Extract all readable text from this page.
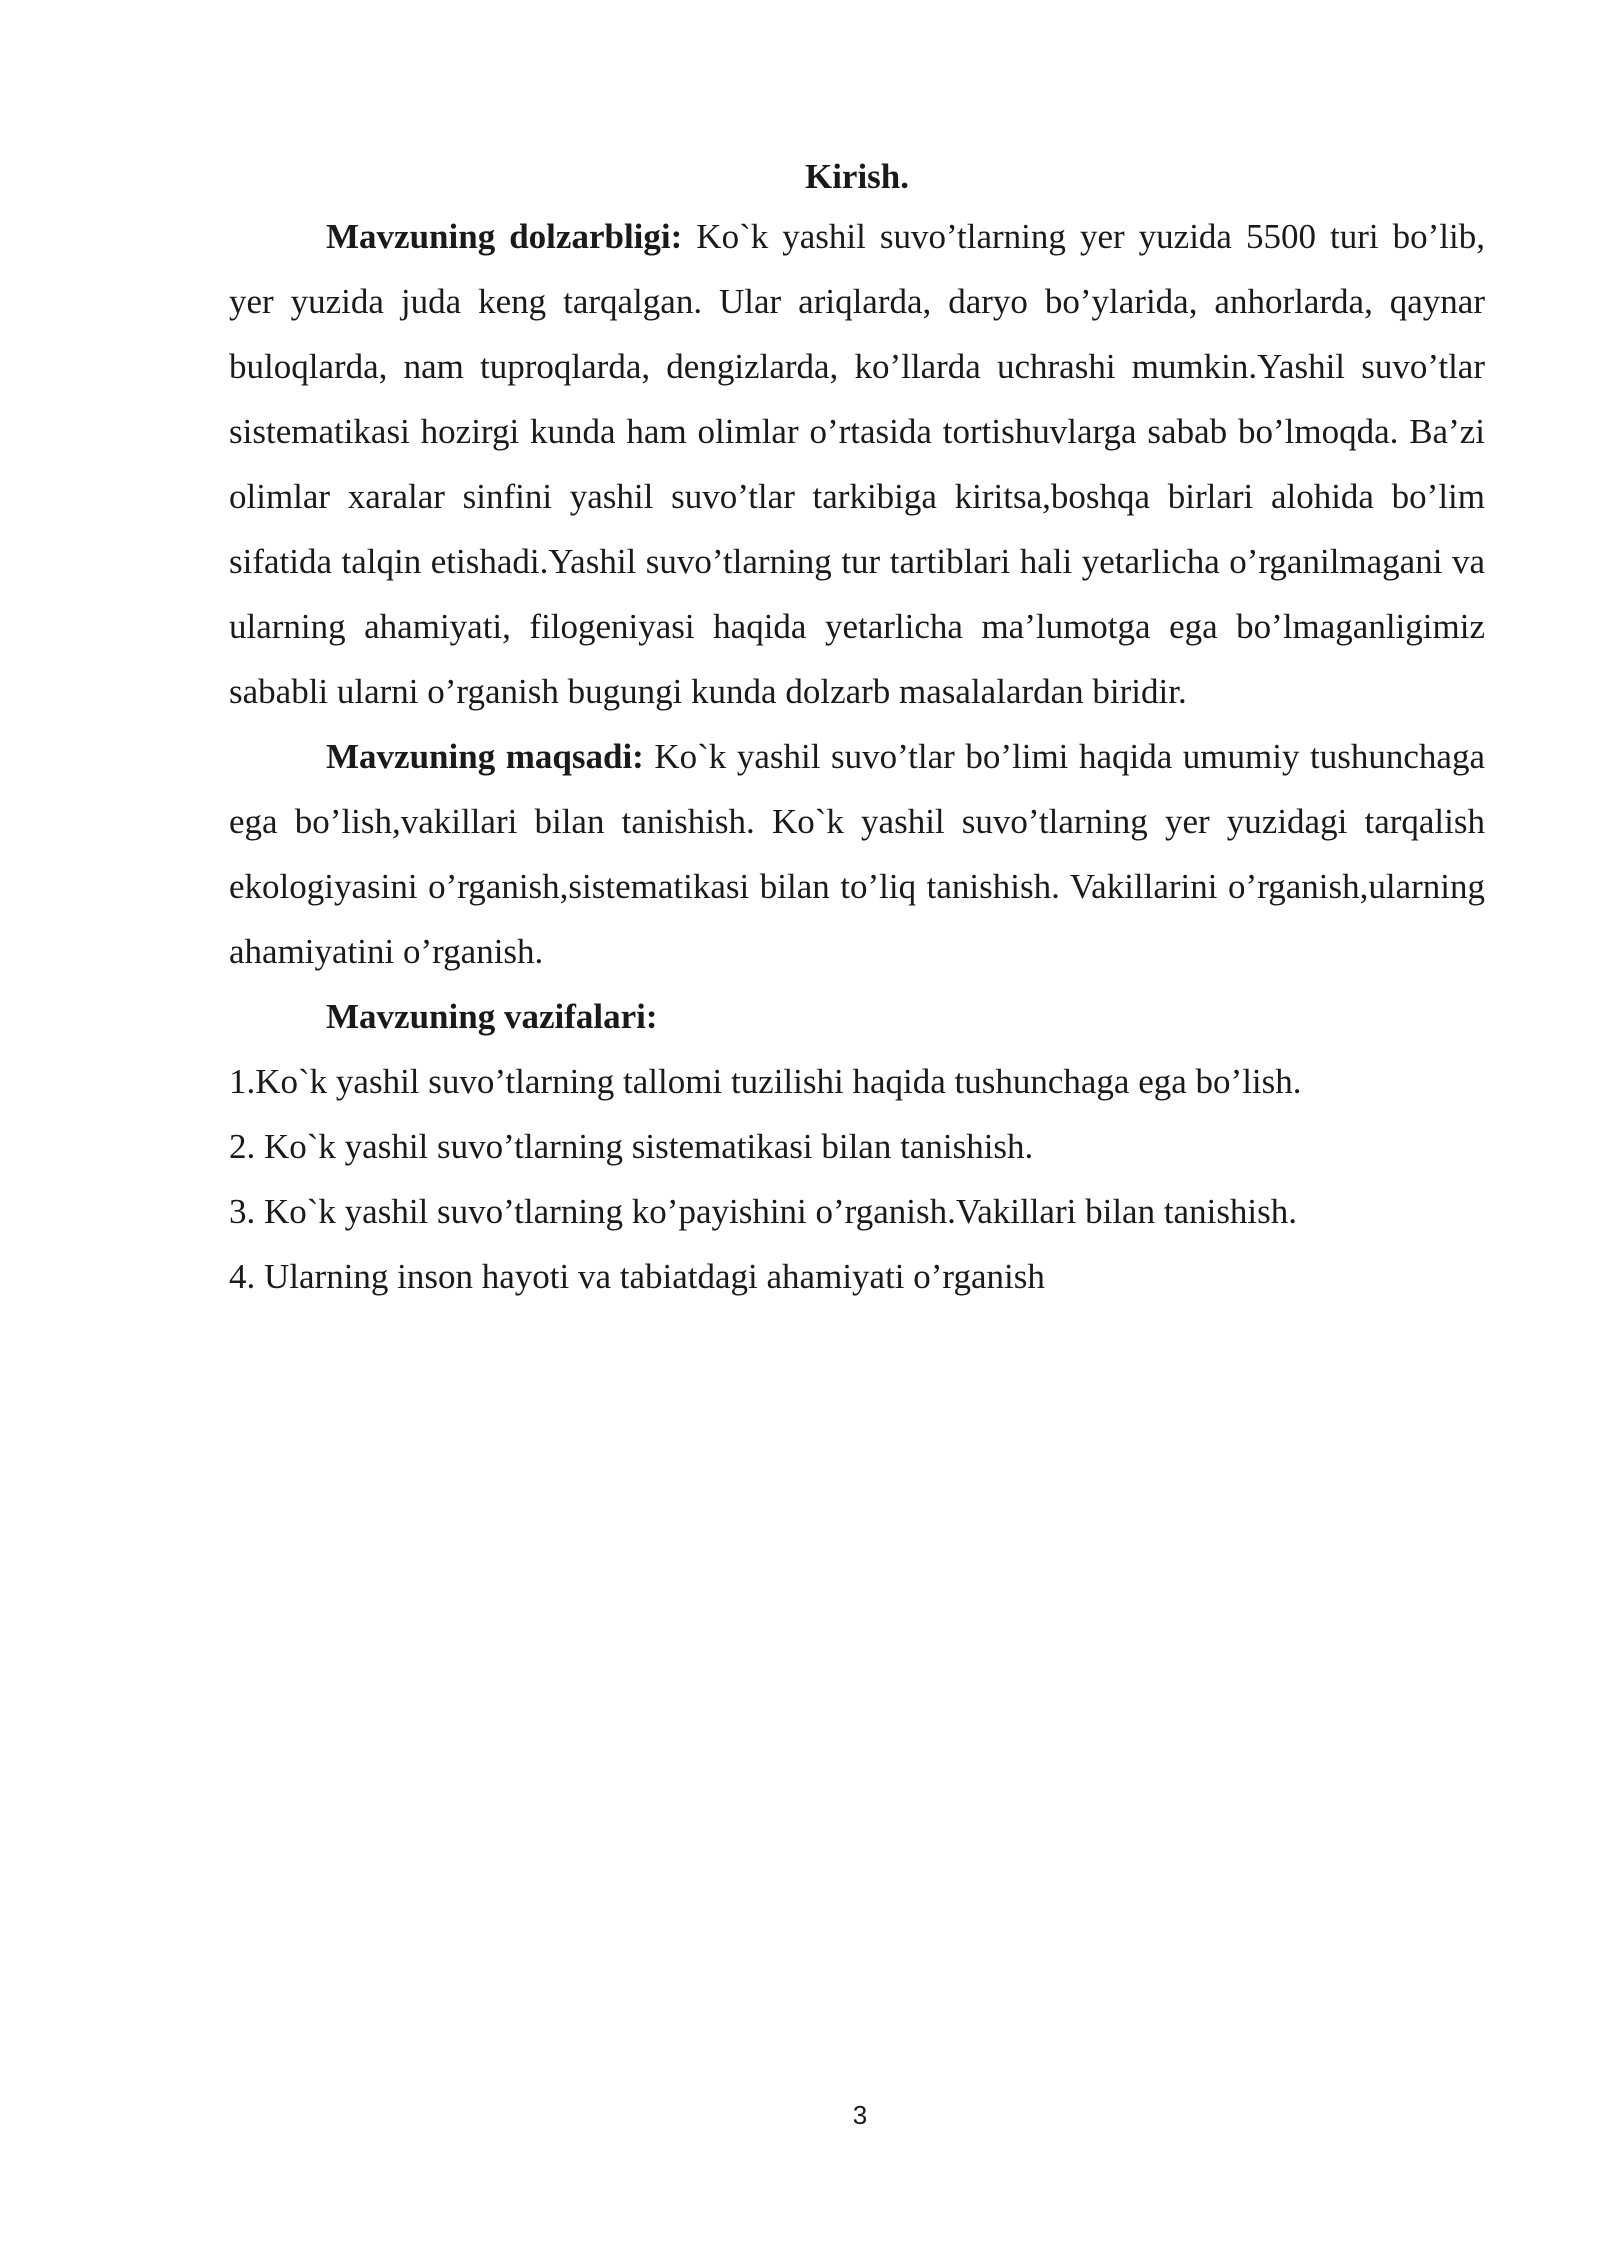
Kirish.

Mavzuning dolzarbligi: Ko`k yashil suvo’tlarning yer yuzida 5500 turi bo’lib, yer yuzida juda keng tarqalgan. Ular ariqlarda, daryo bo’ylarida, anhorlarda, qaynar buloqlarda, nam tuproqlarda, dengizlarda, ko’llarda uchrashi mumkin.Yashil suvo’tlar sistematikasi hozirgi kunda ham olimlar o’rtasida tortishuvlarga sabab bo’lmoqda. Ba’zi olimlar xaralar sinfini yashil suvo’tlar tarkibiga kiritsa,boshqa birlari alohida bo’lim sifatida talqin etishadi.Yashil suvo’tlarning tur tartiblari hali yetarlicha o’rganilmagani va ularning ahamiyati, filogeniyasi haqida yetarlicha ma’lumotga ega bo’lmaganligimiz sababli ularni o’rganish bugungi kunda dolzarb masalalardan biridir.

Mavzuning maqsadi: Ko`k yashil suvo’tlar bo’limi haqida umumiy tushunchaga ega bo’lish,vakillari bilan tanishish. Ko`k yashil suvo’tlarning yer yuzidagi tarqalish ekologiyasini o’rganish,sistematikasi bilan to’liq tanishish. Vakillarini o’rganish,ularning ahamiyatini o’rganish.

Mavzuning vazifalari:

1.Ko`k yashil suvo’tlarning tallomi tuzilishi haqida tushunchaga ega bo’lish.
2. Ko`k yashil suvo’tlarning sistematikasi bilan tanishish.
3. Ko`k yashil suvo’tlarning ko’payishini o’rganish.Vakillari bilan tanishish.
4. Ularning inson hayoti va tabiatdagi ahamiyati o’rganish
3
